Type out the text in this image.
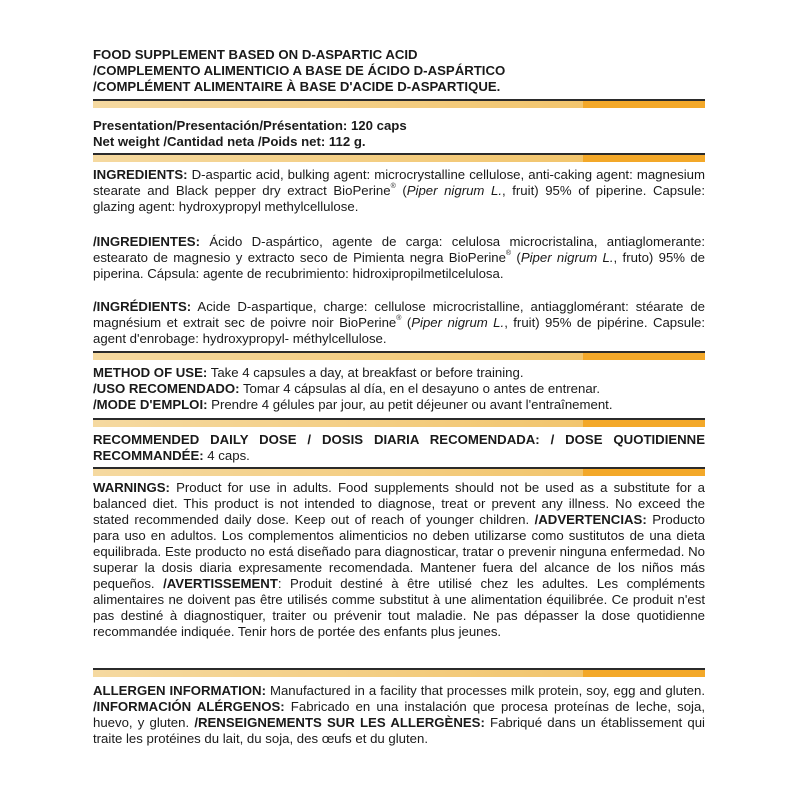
FOOD SUPPLEMENT BASED ON D-ASPARTIC ACID

/COMPLEMENTO ALIMENTICIO A BASE DE ÁCIDO D-ASPÁRTICO

/COMPLÉMENT ALIMENTAIRE À BASE D'ACIDE D-ASPARTIQUE.

Presentation/Presentación/Présentation: 120 caps

Net weight /Cantidad neta /Poids net: 112 g.

INGREDIENTS: D-aspartic acid, bulking agent: microcrystalline cellulose, anti-caking agent: magnesium stearate and Black pepper dry extract BioPerine® (Piper nigrum L., fruit) 95% of piperine. Capsule: glazing agent: hydroxypropyl methylcellulose.

/INGREDIENTES: Ácido D-aspártico, agente de carga: celulosa microcristalina, antiaglomerante: estearato de magnesio y extracto seco de Pimienta negra BioPerine® (Piper nigrum L., fruto) 95% de piperina. Cápsula: agente de recubrimiento: hidroxipropilmetilcelulosa.

/INGRÉDIENTS: Acide D-aspartique, charge: cellulose microcristalline, antiagglomérant: stéarate de magnésium et extrait sec de poivre noir BioPerine® (Piper nigrum L., fruit) 95% de pipérine. Capsule: agent d'enrobage: hydroxypropyl- méthylcellulose.

METHOD OF USE: Take 4 capsules a day, at breakfast or before training.

/USO RECOMENDADO: Tomar 4 cápsulas al día, en el desayuno o antes de entrenar.

/MODE D'EMPLOI: Prendre 4 gélules par jour, au petit déjeuner ou avant l'entraînement.

RECOMMENDED DAILY DOSE / DOSIS DIARIA RECOMENDADA: / DOSE QUOTIDIENNE RECOMMANDÉE: 4 caps.

WARNINGS: Product for use in adults. Food supplements should not be used as a substitute for a balanced diet. This product is not intended to diagnose, treat or prevent any illness. No exceed the stated recommended daily dose. Keep out of reach of younger children. /ADVERTENCIAS: Producto para uso en adultos. Los complementos alimenticios no deben utilizarse como sustitutos de una dieta equilibrada. Este producto no está diseñado para diagnosticar, tratar o prevenir ninguna enfermedad. No superar la dosis diaria expresamente recomendada. Mantener fuera del alcance de los niños más pequeños. /AVERTISSEMENT: Produit destiné à être utilisé chez les adultes. Les compléments alimentaires ne doivent pas être utilisés comme substitut à une alimentation équilibrée. Ce produit n'est pas destiné à diagnostiquer, traiter ou prévenir tout maladie. Ne pas dépasser la dose quotidienne recommandée indiquée. Tenir hors de portée des enfants plus jeunes.

ALLERGEN INFORMATION: Manufactured in a facility that processes milk protein, soy, egg and gluten. /INFORMACIÓN ALÉRGENOS: Fabricado en una instalación que procesa proteínas de leche, soja, huevo, y gluten. /RENSEIGNEMENTS SUR LES ALLERGÈNES: Fabriqué dans un établissement qui traite les protéines du lait, du soja, des œufs et du gluten.
